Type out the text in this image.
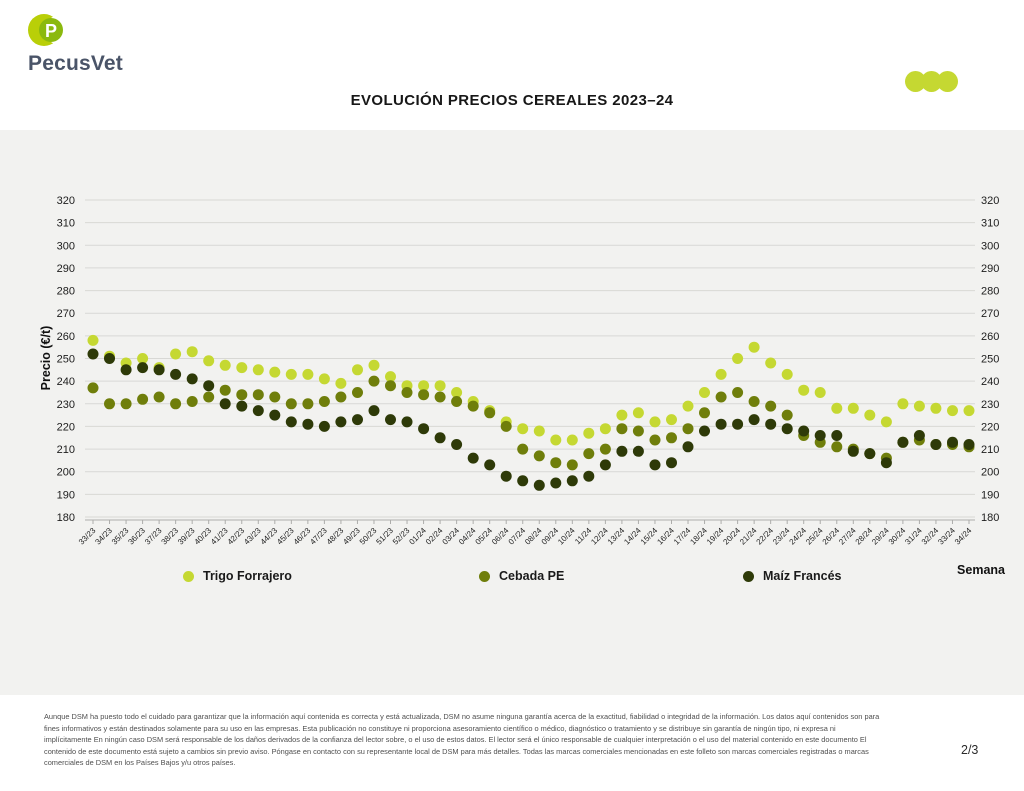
P
PecusVet
EVOLUCIÓN PRECIOS CEREALES 2023–24
180
190
200
210
220
230
240
250
260
270
280
290
300
310
320
180
190
200
210
220
230
240
250
260
270
280
290
300
310
320
33/23
34/23
35/23
36/23
37/23
38/23
39/23
40/23
41/23
42/23
43/23
44/23
45/23
46/23
47/23
48/23
49/23
50/23
51/23
52/23
01/24
02/24
03/24
04/24
05/24
06/24
07/24
08/24
09/24
10/24
11/24
12/24
13/24
14/24
15/24
16/24
17/24
18/24
19/24
20/24
21/24
22/24
23/24
24/24
25/24
26/24
27/24
28/24
29/24
30/24
31/24
32/24
33/24
34/24
Precio (€/t)
Semana
Trigo Forrajero	Cebada PE	Maíz Francés
Aunque DSM ha puesto todo el cuidado para garantizar que la información aquí contenida es correcta y está actualizada, DSM no asume ninguna garantía acerca de la exactitud, fiabilidad o integridad de la información. Los datos aquí contenidos son para
fines informativos y están destinados solamente para su uso en las empresas. Esta publicación no constituye ni proporciona asesoramiento científico o médico, diagnóstico o tratamiento y se distribuye sin garantía de ningún tipo, ni expresa ni
implícitamente En ningún caso DSM será responsable de los daños derivados de la confianza del lector sobre, o el uso de estos datos. El lector será el único responsable de cualquier interpretación o el uso del material contenido en este documento El
contenido de este documento está sujeto a cambios sin previo aviso. Póngase en contacto con su representante local de DSM para más detalles. Todas las marcas comerciales mencionadas en este folleto son marcas comerciales registradas o marcas
comerciales de DSM en los Países Bajos y/u otros países.
2/3
